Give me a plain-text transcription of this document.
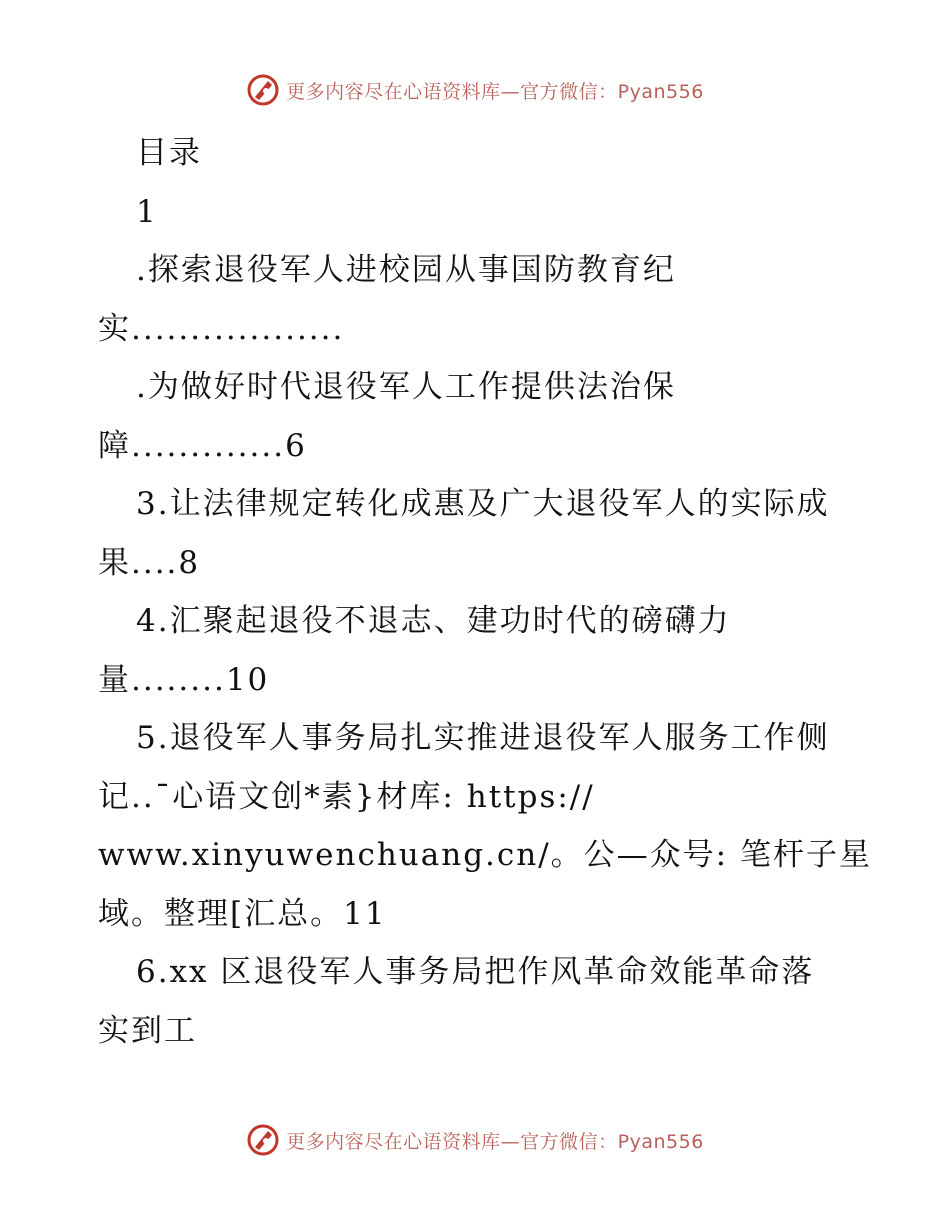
更多内容尽在心语资料库—官方微信：Pyan556
目录
1
.探索退役军人进校园从事国防教育纪
实..................
.为做好时代退役军人工作提供法治保
障.............6
3.让法律规定转化成惠及广大退役军人的实际成
果....8
4.汇聚起退役不退志、建功时代的磅礴力
量........10
5.退役军人事务局扎实推进退役军人服务工作侧
记..¯心语文创*素}材库: https://
www.xinyuwenchuang.cn/。公—众号: 笔杆子星
域。整理[汇总。11
6.xx 区退役军人事务局把作风革命效能革命落
实到工
更多内容尽在心语资料库—官方微信：Pyan556
